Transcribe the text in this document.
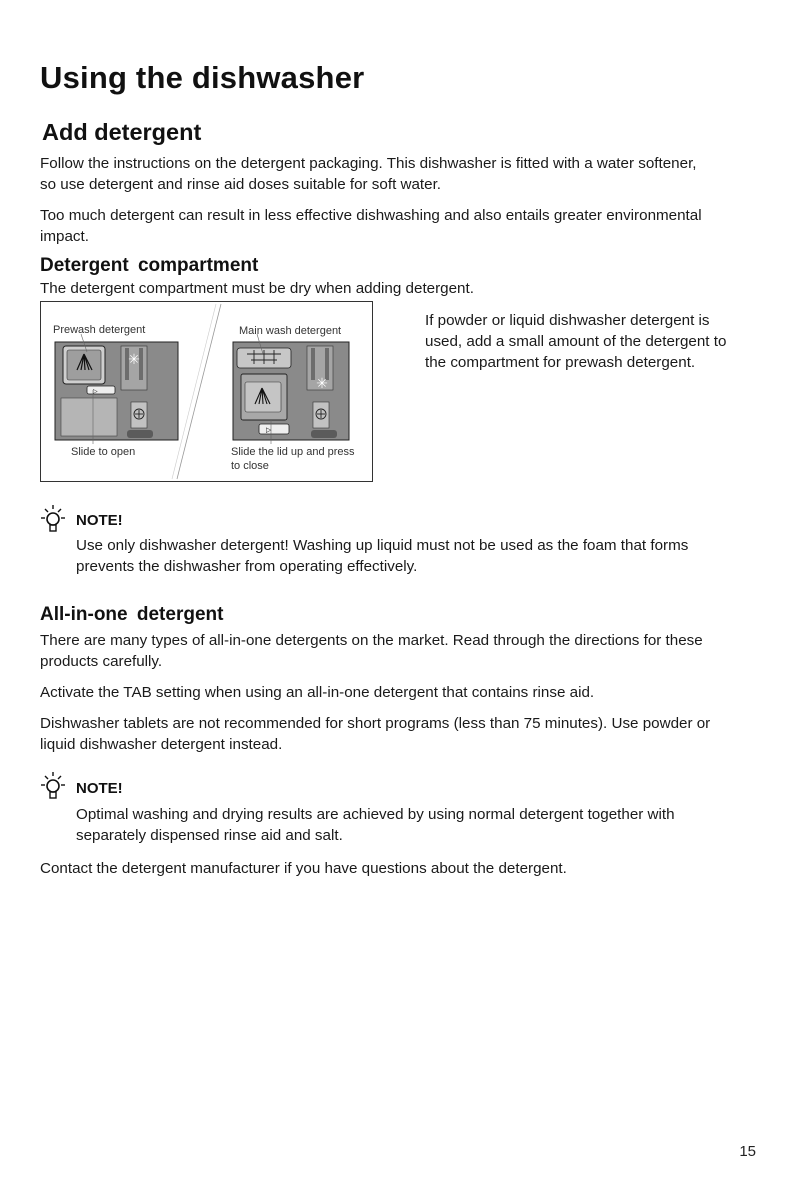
Using the dishwasher
Add detergent

Follow the instructions on the detergent packaging. This dishwasher is fitted with a water softener,
so use detergent and rinse aid doses suitable for soft water.

Too much detergent can result in less effective dishwashing and also entails greater environmental
impact.

Detergent compartment

The detergent compartment must be dry when adding detergent.

▷
✳
▷
✳
Prewash detergent	Main wash detergent
Slide to open	Slide the lid up and press
to close

If powder or liquid dishwasher detergent is
used, add a small amount of the detergent to
the compartment for prewash detergent.

NOTE!

Use only dishwasher detergent! Washing up liquid must not be used as the foam that forms
prevents the dishwasher from operating effectively.

All-in-one detergent

There are many types of all-in-one detergents on the market. Read through the directions for these
products carefully.

Activate the TAB setting when using an all-in-one detergent that contains rinse aid.

Dishwasher tablets are not recommended for short programs (less than 75 minutes). Use powder or
liquid dishwasher detergent instead.

NOTE!

Optimal washing and drying results are achieved by using normal detergent together with
separately dispensed rinse aid and salt.

Contact the detergent manufacturer if you have questions about the detergent.

15
